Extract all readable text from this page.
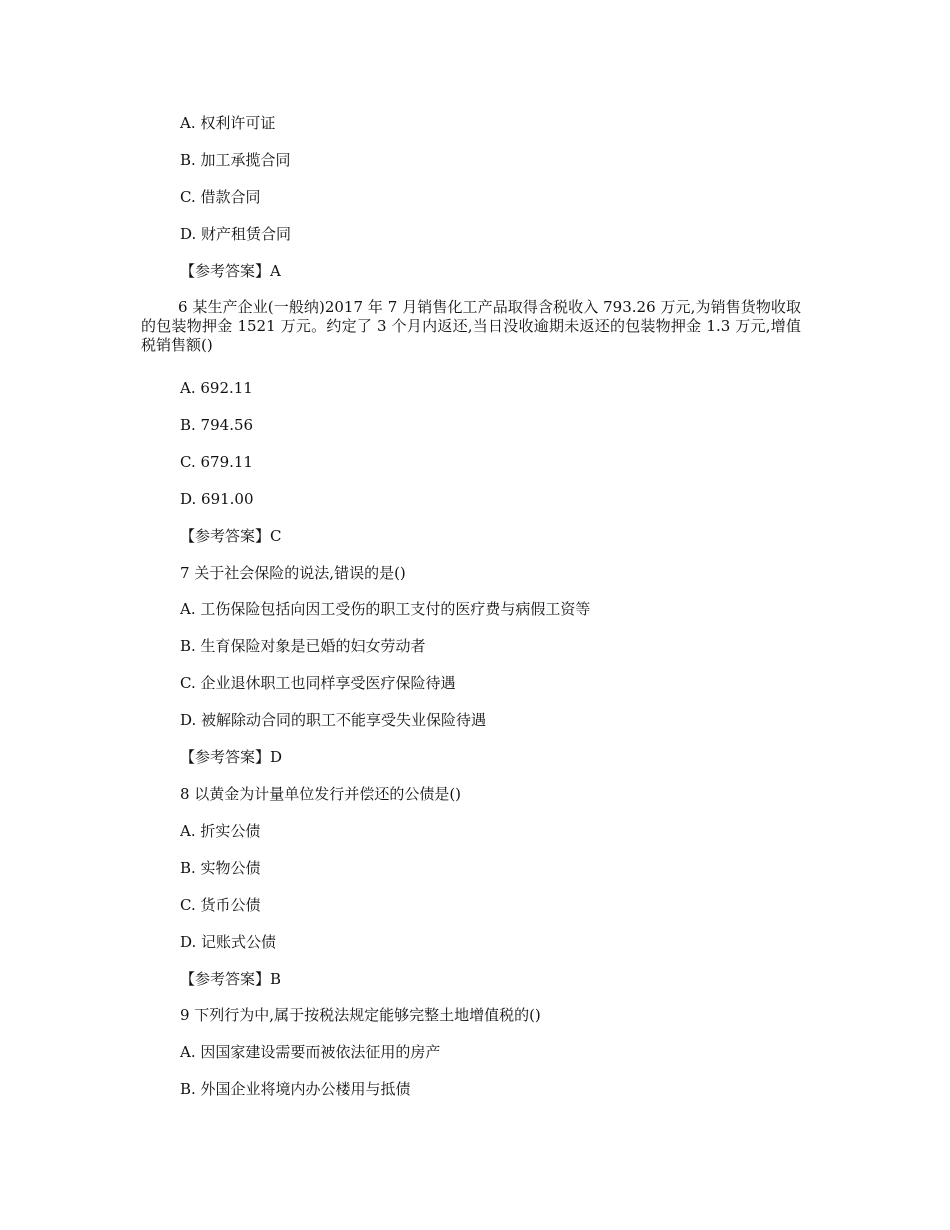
A. 权利许可证
B. 加工承揽合同
C. 借款合同
D. 财产租赁合同
【参考答案】A
6 某生产企业(一般纳)2017 年 7 月销售化工产品取得含税收入 793.26 万元,为销售货物收取的包装物押金 1521 万元。约定了 3 个月内返还,当日没收逾期未返还的包装物押金 1.3 万元,增值税销售额()
A. 692.11
B. 794.56
C. 679.11
D. 691.00
【参考答案】C
7 关于社会保险的说法,错误的是()
A. 工伤保险包括向因工受伤的职工支付的医疗费与病假工资等
B. 生育保险对象是已婚的妇女劳动者
C. 企业退休职工也同样享受医疗保险待遇
D. 被解除动合同的职工不能享受失业保险待遇
【参考答案】D
8 以黄金为计量单位发行并偿还的公债是()
A. 折实公债
B. 实物公债
C. 货币公债
D. 记账式公债
【参考答案】B
9 下列行为中,属于按税法规定能够完整土地增值税的()
A. 因国家建设需要而被依法征用的房产
B. 外国企业将境内办公楼用与抵债
